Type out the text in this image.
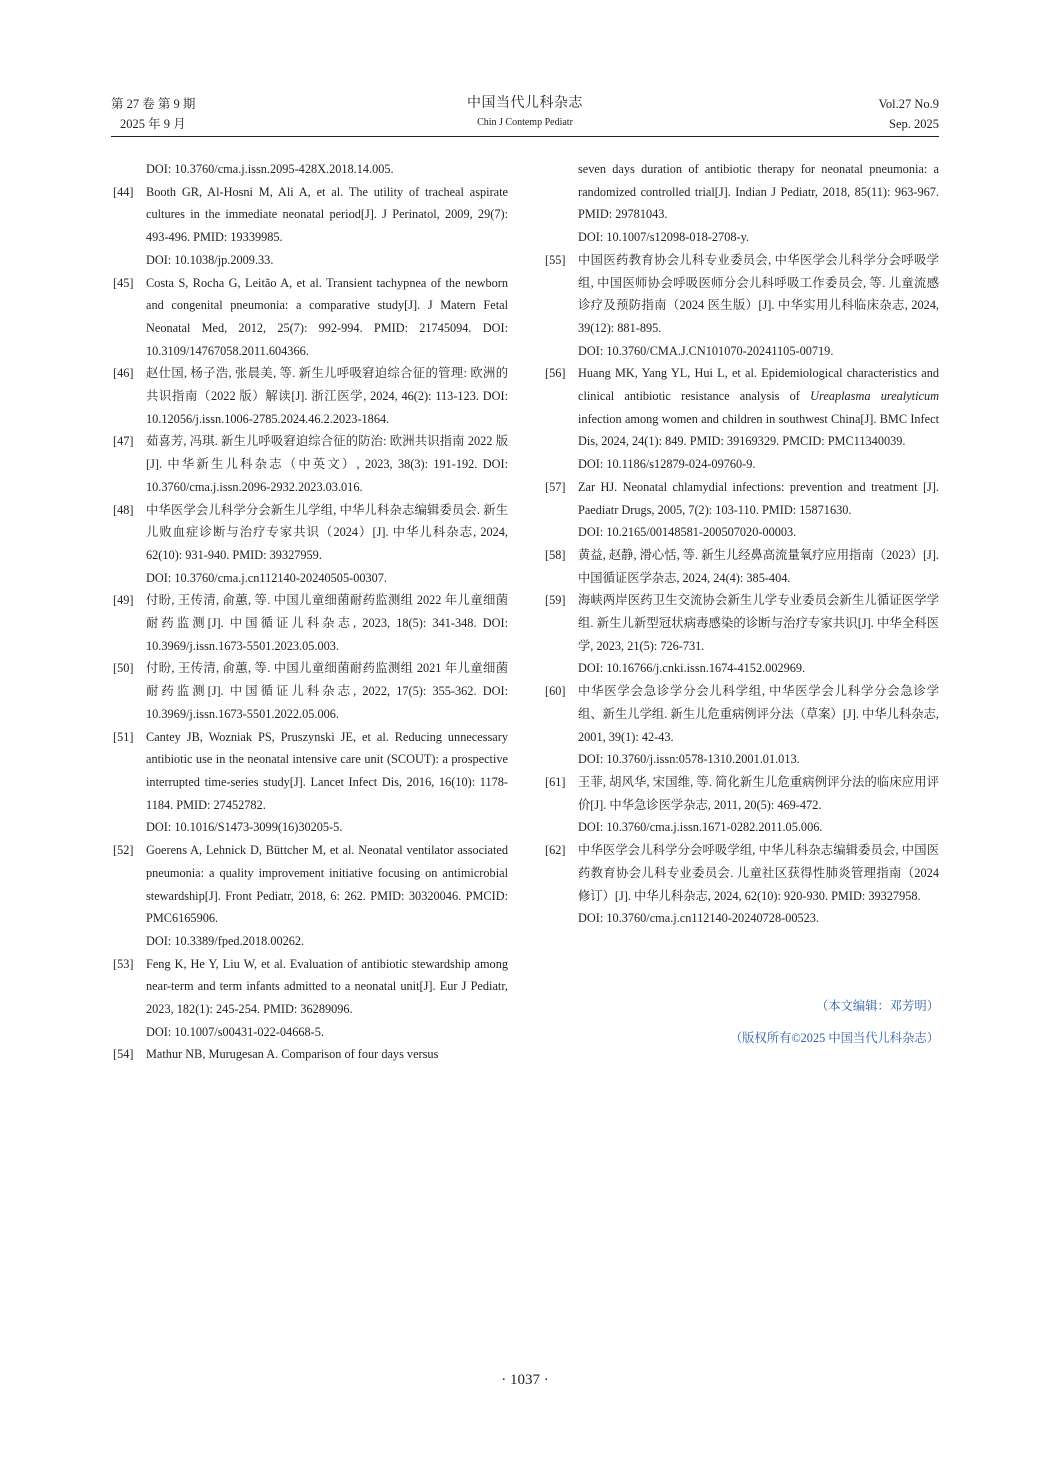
第 27 卷 第 9 期
2025 年 9 月
中国当代儿科杂志
Chin J Contemp Pediatr
Vol.27 No.9
Sep. 2025
DOI: 10.3760/cma.j.issn.2095-428X.2018.14.005.
[44] Booth GR, Al-Hosni M, Ali A, et al. The utility of tracheal aspirate cultures in the immediate neonatal period[J]. J Perinatol, 2009, 29(7): 493-496. PMID: 19339985.
DOI: 10.1038/jp.2009.33.
[45] Costa S, Rocha G, Leitão A, et al. Transient tachypnea of the newborn and congenital pneumonia: a comparative study[J]. J Matern Fetal Neonatal Med, 2012, 25(7): 992-994. PMID: 21745094. DOI: 10.3109/14767058.2011.604366.
[46] 赵仕国, 杨子浩, 张晨美, 等. 新生儿呼吸窘迫综合征的管理: 欧洲的共识指南（2022 版）解读[J]. 浙江医学, 2024, 46(2): 113-123. DOI: 10.12056/j.issn.1006-2785.2024.46.2.2023-1864.
[47] 茹喜芳, 冯琪. 新生儿呼吸窘迫综合征的防治: 欧洲共识指南 2022 版[J]. 中华新生儿科杂志（中英文）, 2023, 38(3): 191-192. DOI: 10.3760/cma.j.issn.2096-2932.2023.03.016.
[48] 中华医学会儿科学分会新生儿学组, 中华儿科杂志编辑委员会. 新生儿败血症诊断与治疗专家共识（2024）[J]. 中华儿科杂志, 2024, 62(10): 931-940. PMID: 39327959.
DOI: 10.3760/cma.j.cn112140-20240505-00307.
[49] 付盼, 王传清, 俞蕙, 等. 中国儿童细菌耐药监测组 2022 年儿童细菌耐药监测[J]. 中国循证儿科杂志, 2023, 18(5): 341-348. DOI: 10.3969/j.issn.1673-5501.2023.05.003.
[50] 付盼, 王传清, 俞蕙, 等. 中国儿童细菌耐药监测组 2021 年儿童细菌耐药监测[J]. 中国循证儿科杂志, 2022, 17(5): 355-362. DOI: 10.3969/j.issn.1673-5501.2022.05.006.
[51] Cantey JB, Wozniak PS, Pruszynski JE, et al. Reducing unnecessary antibiotic use in the neonatal intensive care unit (SCOUT): a prospective interrupted time-series study[J]. Lancet Infect Dis, 2016, 16(10): 1178-1184. PMID: 27452782.
DOI: 10.1016/S1473-3099(16)30205-5.
[52] Goerens A, Lehnick D, Büttcher M, et al. Neonatal ventilator associated pneumonia: a quality improvement initiative focusing on antimicrobial stewardship[J]. Front Pediatr, 2018, 6: 262. PMID: 30320046. PMCID: PMC6165906.
DOI: 10.3389/fped.2018.00262.
[53] Feng K, He Y, Liu W, et al. Evaluation of antibiotic stewardship among near-term and term infants admitted to a neonatal unit[J]. Eur J Pediatr, 2023, 182(1): 245-254. PMID: 36289096.
DOI: 10.1007/s00431-022-04668-5.
[54] Mathur NB, Murugesan A. Comparison of four days versus
seven days duration of antibiotic therapy for neonatal pneumonia: a randomized controlled trial[J]. Indian J Pediatr, 2018, 85(11): 963-967. PMID: 29781043.
DOI: 10.1007/s12098-018-2708-y.
[55] 中国医药教育协会儿科专业委员会, 中华医学会儿科学分会呼吸学组, 中国医师协会呼吸医师分会儿科呼吸工作委员会, 等. 儿童流感诊疗及预防指南（2024 医生版）[J]. 中华实用儿科临床杂志, 2024, 39(12): 881-895.
DOI: 10.3760/CMA.J.CN101070-20241105-00719.
[56] Huang MK, Yang YL, Hui L, et al. Epidemiological characteristics and clinical antibiotic resistance analysis of Ureaplasma urealyticum infection among women and children in southwest China[J]. BMC Infect Dis, 2024, 24(1): 849. PMID: 39169329. PMCID: PMC11340039.
DOI: 10.1186/s12879-024-09760-9.
[57] Zar HJ. Neonatal chlamydial infections: prevention and treatment [J]. Paediatr Drugs, 2005, 7(2): 103-110. PMID: 15871630.
DOI: 10.2165/00148581-200507020-00003.
[58] 黄益, 赵静, 滑心恬, 等. 新生儿经鼻高流量氧疗应用指南（2023）[J]. 中国循证医学杂志, 2024, 24(4): 385-404.
[59] 海峡两岸医药卫生交流协会新生儿学专业委员会新生儿循证医学学组. 新生儿新型冠状病毒感染的诊断与治疗专家共识[J]. 中华全科医学, 2023, 21(5): 726-731.
DOI: 10.16766/j.cnki.issn.1674-4152.002969.
[60] 中华医学会急诊学分会儿科学组, 中华医学会儿科学分会急诊学组、新生儿学组. 新生儿危重病例评分法（草案）[J]. 中华儿科杂志, 2001, 39(1): 42-43.
DOI: 10.3760/j.issn:0578-1310.2001.01.013.
[61] 王菲, 胡风华, 宋国维, 等. 简化新生儿危重病例评分法的临床应用评价[J]. 中华急诊医学杂志, 2011, 20(5): 469-472.
DOI: 10.3760/cma.j.issn.1671-0282.2011.05.006.
[62] 中华医学会儿科学分会呼吸学组, 中华儿科杂志编辑委员会, 中国医药教育协会儿科专业委员会. 儿童社区获得性肺炎管理指南（2024 修订）[J]. 中华儿科杂志, 2024, 62(10): 920-930. PMID: 39327958.
DOI: 10.3760/cma.j.cn112140-20240728-00523.
（本文编辑：邓芳明）
（版权所有©2025 中国当代儿科杂志）
· 1037 ·
